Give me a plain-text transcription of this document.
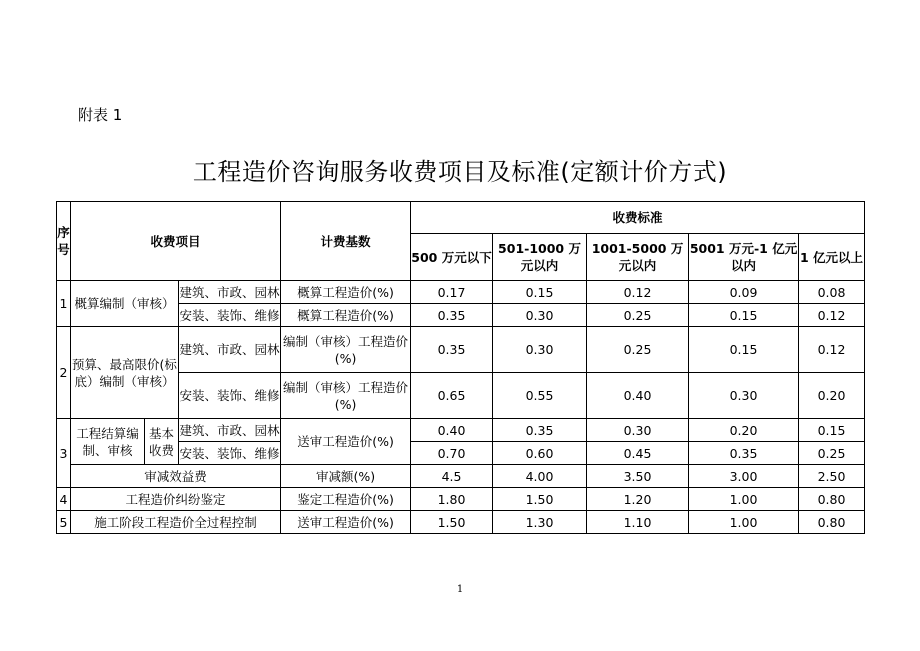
附表 1
工程造价咨询服务收费项目及标准(定额计价方式)
序号	收费项目			计费基数	收费标准				
					500 万元以下	501-1000 万元以内	1001-5000 万元以内	5001 万元-1 亿元以内	1 亿元以上
1	概算编制（审核）		建筑、市政、园林	概算工程造价(%)	0.17	0.15	0.12	0.09	0.08
			安装、装饰、维修	概算工程造价(%)	0.35	0.30	0.25	0.15	0.12
2	预算、最高限价(标底）编制（审核）		建筑、市政、园林	编制（审核）工程造价(%)	0.35	0.30	0.25	0.15	0.12
			安装、装饰、维修	编制（审核）工程造价(%)	0.65	0.55	0.40	0.30	0.20
3	工程结算编制、审核	基本收费	建筑、市政、园林	送审工程造价(%)	0.40	0.35	0.30	0.20	0.15
			安装、装饰、维修		0.70	0.60	0.45	0.35	0.25
	审减效益费			审减额(%)	4.5	4.00	3.50	3.00	2.50
4	工程造价纠纷鉴定			鉴定工程造价(%)	1.80	1.50	1.20	1.00	0.80
5	施工阶段工程造价全过程控制			送审工程造价(%)	1.50	1.30	1.10	1.00	0.80
1
